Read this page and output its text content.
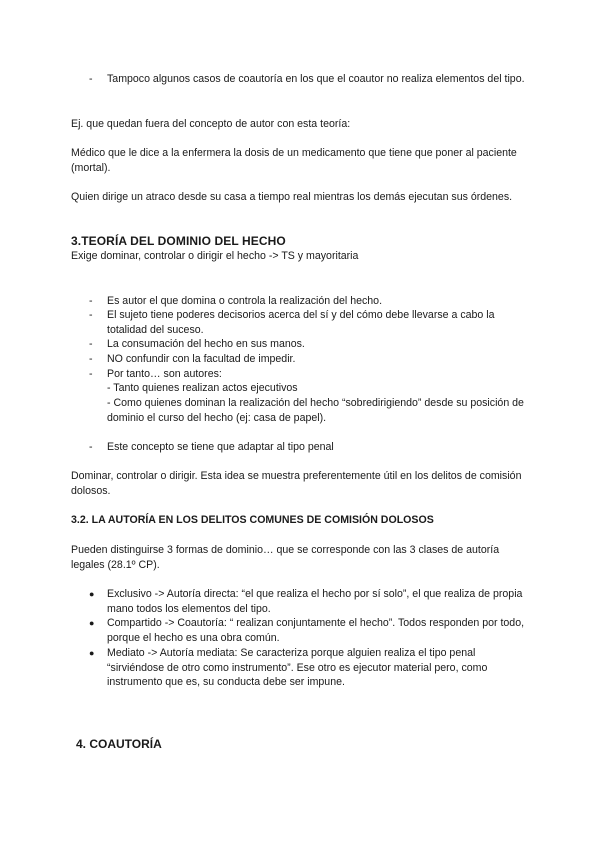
- Tampoco algunos casos de coautoría en los que el coautor no realiza elementos del tipo.

Ej. que quedan fuera del concepto de autor con esta teoría:

Médico que le dice a la enfermera la dosis de un medicamento que tiene que poner al paciente (mortal).

Quien dirige un atraco desde su casa a tiempo real mientras los demás ejecutan sus órdenes.

3.TEORÍA DEL DOMINIO DEL HECHO

Exige dominar, controlar o dirigir el hecho -> TS y mayoritaria

- Es autor el que domina o controla la realización del hecho.
- El sujeto tiene poderes decisorios acerca del sí y del cómo debe llevarse a cabo la totalidad del suceso.
- La consumación del hecho en sus manos.
- NO confundir con la facultad de impedir.
- Por tanto… son autores:
- Tanto quienes realizan actos ejecutivos
- Como quienes dominan la realización del hecho “sobredirigiendo” desde su posición de dominio el curso del hecho (ej: casa de papel).
- Este concepto se tiene que adaptar al tipo penal

Dominar, controlar o dirigir. Esta idea se muestra preferentemente útil en los delitos de comisión dolosos.

3.2. LA AUTORÍA EN LOS DELITOS COMUNES DE COMISIÓN DOLOSOS

Pueden distinguirse 3 formas de dominio… que se corresponde con las 3 clases de autoría legales (28.1º CP).

● Exclusivo -> Autoría directa: “el que realiza el hecho por sí solo”, el que realiza de propia mano todos los elementos del tipo.
● Compartido -> Coautoría: “ realizan conjuntamente el hecho”. Todos responden por todo, porque el hecho es una obra común.
● Mediato -> Autoría mediata: Se caracteriza porque alguien realiza el tipo penal “sirviéndose de otro como instrumento”. Ese otro es ejecutor material pero, como instrumento que es, su conducta debe ser impune.
4. COAUTORÍA
